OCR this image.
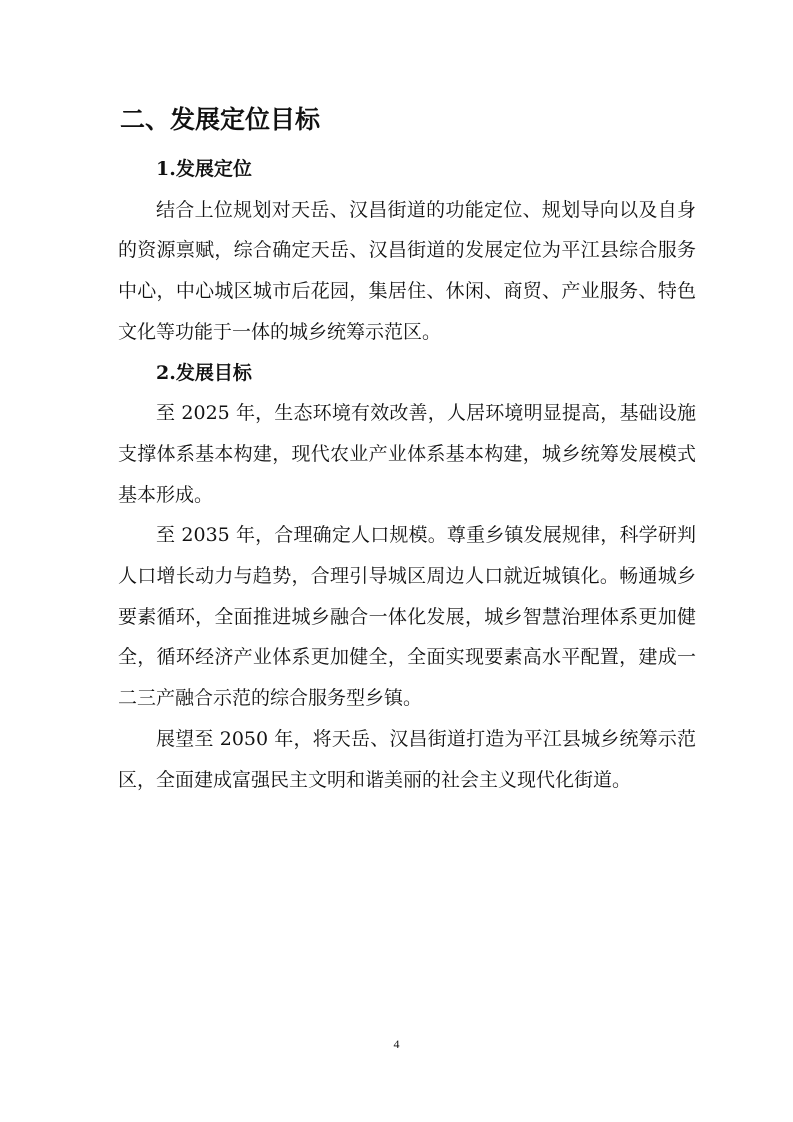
二、发展定位目标

1.发展定位

结合上位规划对天岳、汉昌街道的功能定位、规划导向以及自身的资源禀赋，综合确定天岳、汉昌街道的发展定位为平江县综合服务中心，中心城区城市后花园，集居住、休闲、商贸、产业服务、特色文化等功能于一体的城乡统筹示范区。

2.发展目标

至 2025 年，生态环境有效改善，人居环境明显提高，基础设施支撑体系基本构建，现代农业产业体系基本构建，城乡统筹发展模式基本形成。

至 2035 年，合理确定人口规模。尊重乡镇发展规律，科学研判人口增长动力与趋势，合理引导城区周边人口就近城镇化。畅通城乡要素循环，全面推进城乡融合一体化发展，城乡智慧治理体系更加健全，循环经济产业体系更加健全，全面实现要素高水平配置，建成一二三产融合示范的综合服务型乡镇。

展望至 2050 年，将天岳、汉昌街道打造为平江县城乡统筹示范区，全面建成富强民主文明和谐美丽的社会主义现代化街道。

4
